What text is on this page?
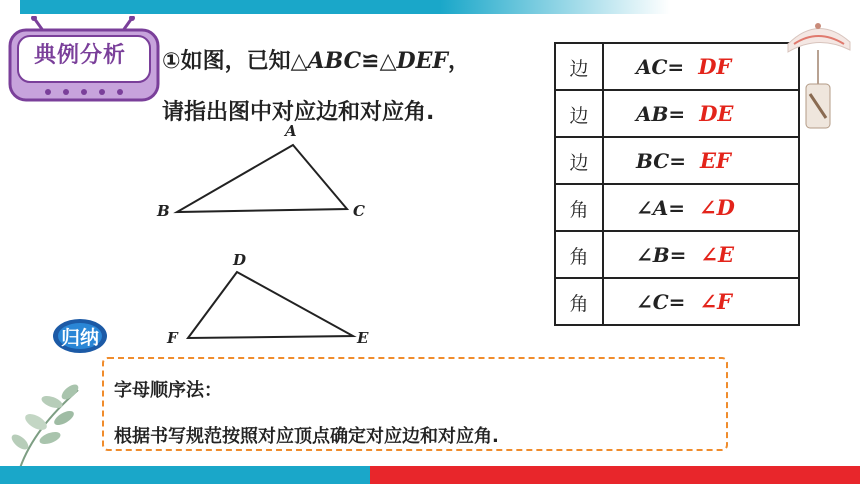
典例分析	①如图，已知△ABC≌△DEF，
请指出图中对应边和对应角.
A
B	C
D
F	E
边	AC= DF

边	AB= DE

边	BC= EF

角	∠A= ∠D

角	∠B= ∠E

角	∠C= ∠F
归纳
字母顺序法：
根据书写规范按照对应顶点确定对应边和对应角.
